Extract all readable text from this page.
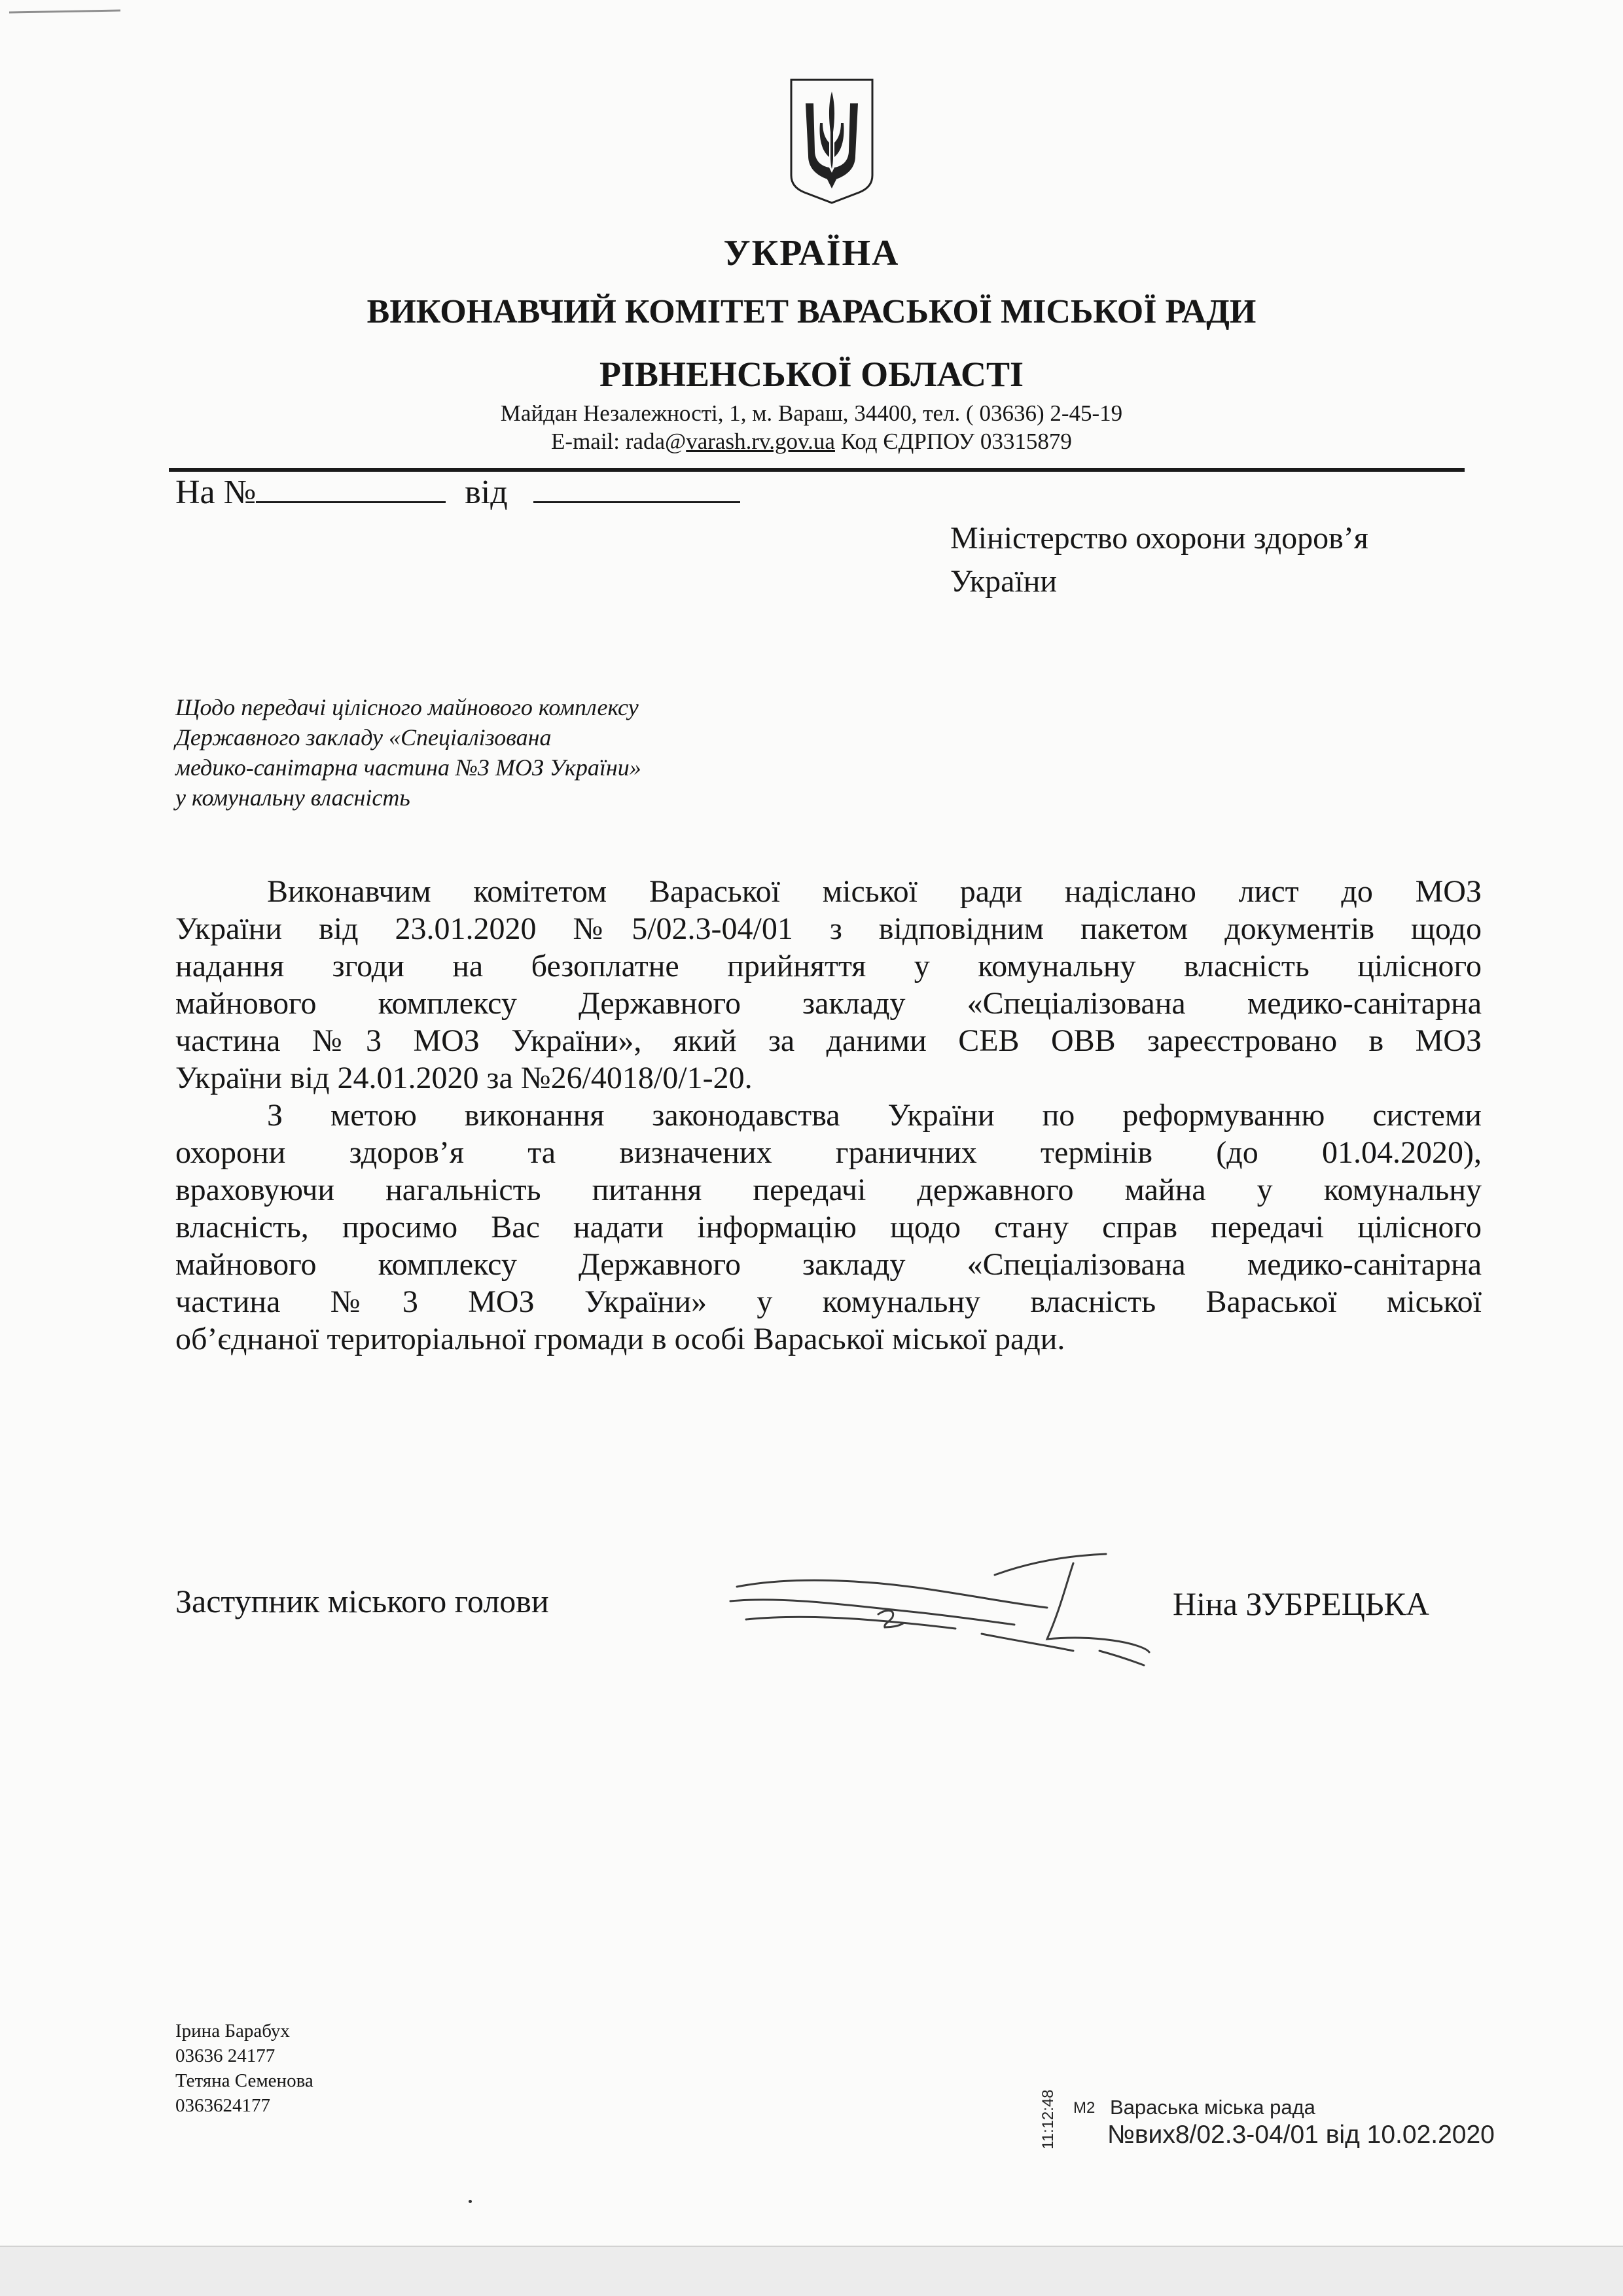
УКРАЇНА
ВИКОНАВЧИЙ КОМІТЕТ ВАРАСЬКОЇ МІСЬКОЇ РАДИ
РІВНЕНСЬКОЇ ОБЛАСТІ
Майдан Незалежності, 1, м. Вараш, 34400, тел. ( 03636) 2-45-19
E-mail: rada@varash.rv.gov.ua Код ЄДРПОУ 03315879
На №	від
Міністерство охорони здоров’я
України
Щодо передачі цілісного майнового комплексу
Державного закладу «Спеціалізована
медико-санітарна частина №3 МОЗ України»
у комунальну власність
Виконавчим комітетом Вараської міської ради надіслано лист до МОЗ
України від 23.01.2020 №5/02.3-04/01 з відповідним пакетом документів щодо
надання згоди на безоплатне прийняття у комунальну власність цілісного
майнового комплексу Державного закладу «Спеціалізована медико-санітарна
частина №3 МОЗ України», який за даними СЕВ ОВВ зареєстровано в МОЗ
України від 24.01.2020 за №26/4018/0/1-20.
З метою виконання законодавства України по реформуванню системи
охорони здоров’я та визначених граничних термінів (до 01.04.2020),
враховуючи нагальність питання передачі державного майна у комунальну
власність, просимо Вас надати інформацію щодо стану справ передачі цілісного
майнового комплексу Державного закладу «Спеціалізована медико-санітарна
частина №3 МОЗ України» у комунальну власність Вараської міської
об’єднаної територіальної громади в особі Вараської міської ради.
Заступник міського голови	Ніна ЗУБРЕЦЬКА
Ірина Барабух
03636 24177
Тетяна Семенова
0363624177	M2
11:12:48	Вараська міська рада
№вих8/02.3-04/01 від 10.02.2020
